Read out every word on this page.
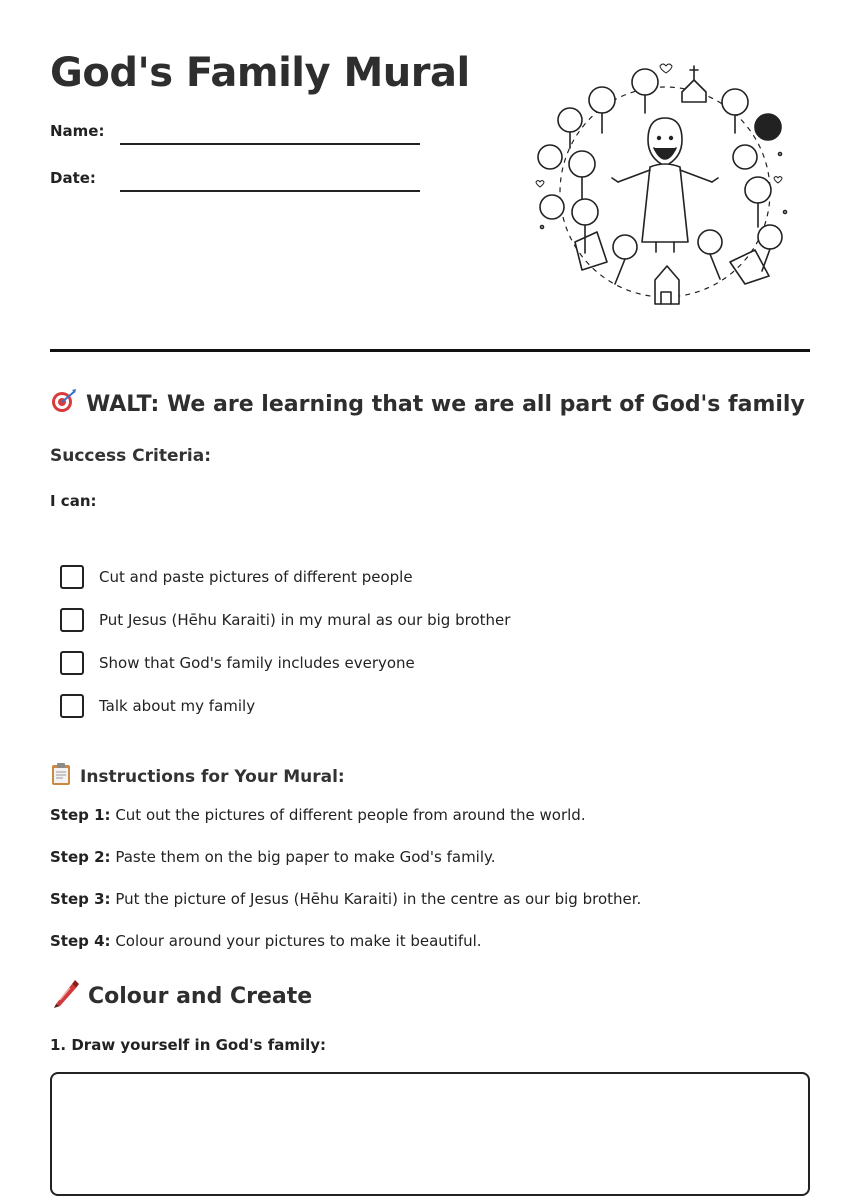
God's Family Mural
Name:
Date:
WALT: We are learning that we are all part of God's family
Success Criteria:
I can:
Cut and paste pictures of different people
Put Jesus (Hēhu Karaiti) in my mural as our big brother
Show that God's family includes everyone
Talk about my family
Instructions for Your Mural:
Step 1: Cut out the pictures of different people from around the world.
Step 2: Paste them on the big paper to make God's family.
Step 3: Put the picture of Jesus (Hēhu Karaiti) in the centre as our big brother.
Step 4: Colour around your pictures to make it beautiful.
Colour and Create
1. Draw yourself in God's family:
